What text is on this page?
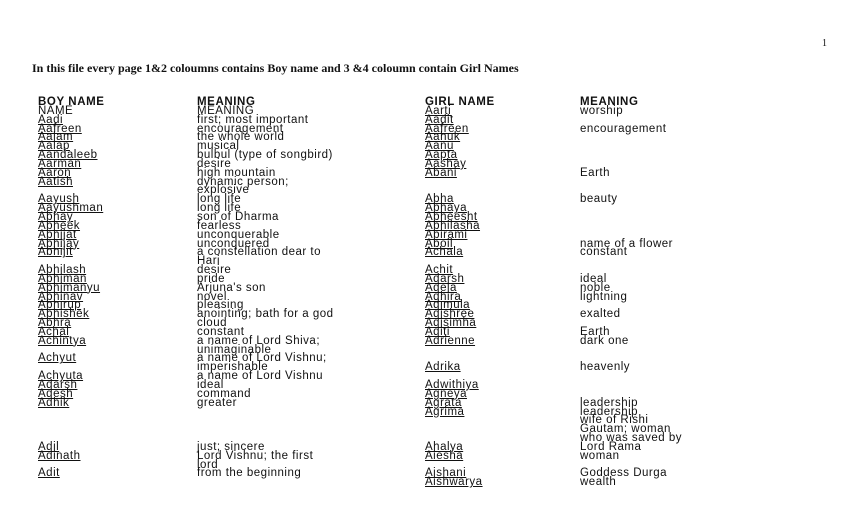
1
In this file every page 1&2 coloumns contains Boy name and 3 &4 coloumn contain Girl Names
BOY NAME
NAME
Aadi
Aafreen
Aalam
Aalap
Aandaleeb
Aarman
Aaron
Aatish
Aayush
Aayushman
Abhay
Abheek
Abhijat
Abhijay
Abhijit
Abhilash
Abhiman
Abhimanyu
Abhinav
Abhirup
Abhishek
Abhra
Achal
Achintya
Achyut
Achyuta
Adarsh
Adesh
Adhik
Adil
Adinath
Adit
MEANING
MEANING
first; most important
encouragement
the whole world
musical
bulbul (type of songbird)
desire
high mountain
dynamic person;
explosive
long life
long life
son of Dharma
fearless
unconquerable
unconquered
a constellation dear to
Hari
desire
pride
Arjuna's son
novel
pleasing
anointing; bath for a god
cloud
constant
a name of Lord Shiva;
unimaginable
a name of Lord Vishnu;
imperishable
a name of Lord Vishnu
ideal
command
greater
just; sincere
Lord Vishnu; the first
lord
from the beginning
GIRL NAME
Aarti
Aadit
Aafreen
Aahuk
Aanu
Aapta
Aashay
Abani
Abha
Abhaya
Abheesht
Abhilasha
Abirami
Aboil
Achala
Achit
Adarsh
Adela
Adhira
Adimula
Adishree
Adisimha
Aditi
Adrienne
Adrika
Adwithiya
Agneya
Agrata
Agrima
Ahalya
Aiesha
Aishani
Aishwarya
MEANING
worship
encouragement
Earth
beauty
name of a flower
constant
ideal
noble
lightning
exalted
Earth
dark one
heavenly
leadership
leadership
wife of Rishi
Gautam; woman
who was saved by
Lord Rama
woman
Goddess Durga
wealth
